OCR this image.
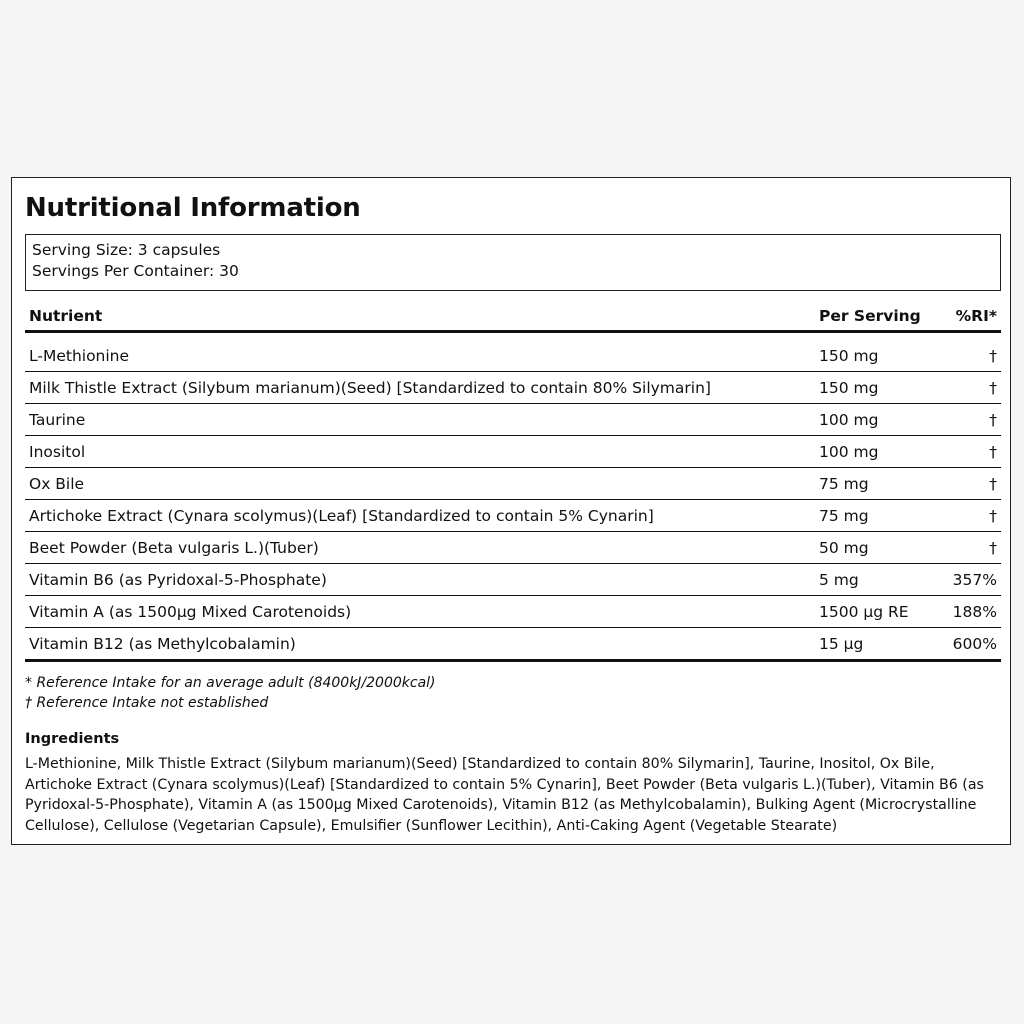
Nutritional Information
Serving Size: 3 capsules
Servings Per Container: 30
Nutrient	Per Serving	%RI*
L-Methionine	150 mg	†
Milk Thistle Extract (Silybum marianum)(Seed) [Standardized to contain 80% Silymarin]	150 mg	†
Taurine	100 mg	†
Inositol	100 mg	†
Ox Bile	75 mg	†
Artichoke Extract (Cynara scolymus)(Leaf) [Standardized to contain 5% Cynarin]	75 mg	†
Beet Powder (Beta vulgaris L.)(Tuber)	50 mg	†
Vitamin B6 (as Pyridoxal-5-Phosphate)	5 mg	357%
Vitamin A (as 1500µg Mixed Carotenoids)	1500 µg RE	188%
Vitamin B12 (as Methylcobalamin)	15 µg	600%
* Reference Intake for an average adult (8400kJ/2000kcal)
† Reference Intake not established
Ingredients
L-Methionine, Milk Thistle Extract (Silybum marianum)(Seed) [Standardized to contain 80% Silymarin], Taurine, Inositol, Ox Bile, Artichoke Extract (Cynara scolymus)(Leaf) [Standardized to contain 5% Cynarin], Beet Powder (Beta vulgaris L.)(Tuber), Vitamin B6 (as Pyridoxal-5-Phosphate), Vitamin A (as 1500µg Mixed Carotenoids), Vitamin B12 (as Methylcobalamin), Bulking Agent (Microcrystalline Cellulose), Cellulose (Vegetarian Capsule), Emulsifier (Sunflower Lecithin), Anti-Caking Agent (Vegetable Stearate)
